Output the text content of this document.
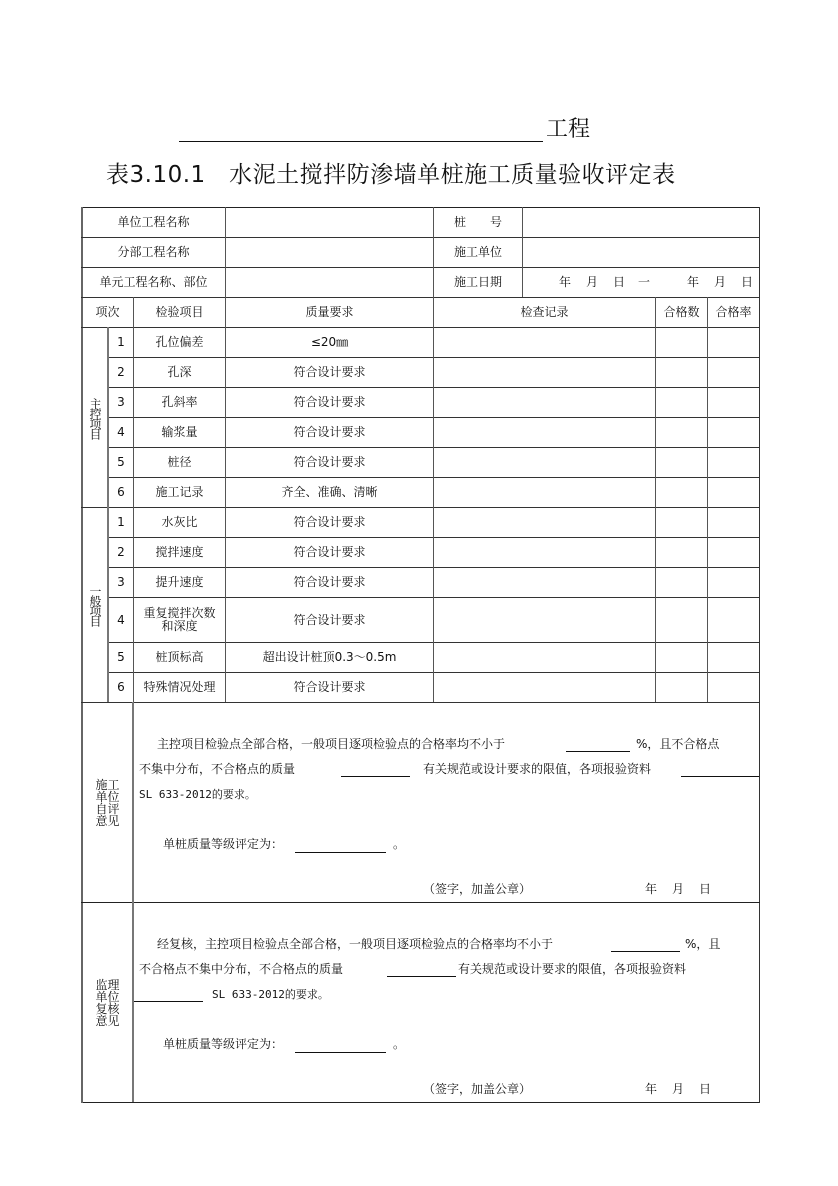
工程
表3.10.1　水泥土搅拌防渗墙单桩施工质量验收评定表
单位工程名称	桩　　号
分部工程名称	施工单位
单元工程名称、部位	施工日期	年 月 日 一	年 月 日
项次	检验项目	质量要求	检查记录	合格数	合格率
主控项目
1	孔位偏差	≤20㎜
2	孔深	符合设计要求
3	孔斜率	符合设计要求
4	输浆量	符合设计要求
5	桩径	符合设计要求
6	施工记录	齐全、准确、清晰
一般项目
1	水灰比	符合设计要求
2	搅拌速度	符合设计要求
3	提升速度	符合设计要求
4	重复搅拌次数
和深度	符合设计要求
5	桩顶标高	超出设计桩顶0.3～0.5m
6	特殊情况处理	符合设计要求
施 工
单 位
自 评
意 见
主控项目检验点全部合格，一般项目逐项检验点的合格率均不小于	%，且不合格点
不集中分布，不合格点的质量	有关规范或设计要求的限值，各项报验资料
SL 633-2012的要求。
单桩质量等级评定为：	。
（签字，加盖公章）	年 月 日
监 理
单 位
复 核
意 见
经复核，主控项目检验点全部合格，一般项目逐项检验点的合格率均不小于	%，且
不合格点不集中分布，不合格点的质量	有关规范或设计要求的限值，各项报验资料
SL 633-2012的要求。
单桩质量等级评定为：	。
（签字，加盖公章）	年 月 日
